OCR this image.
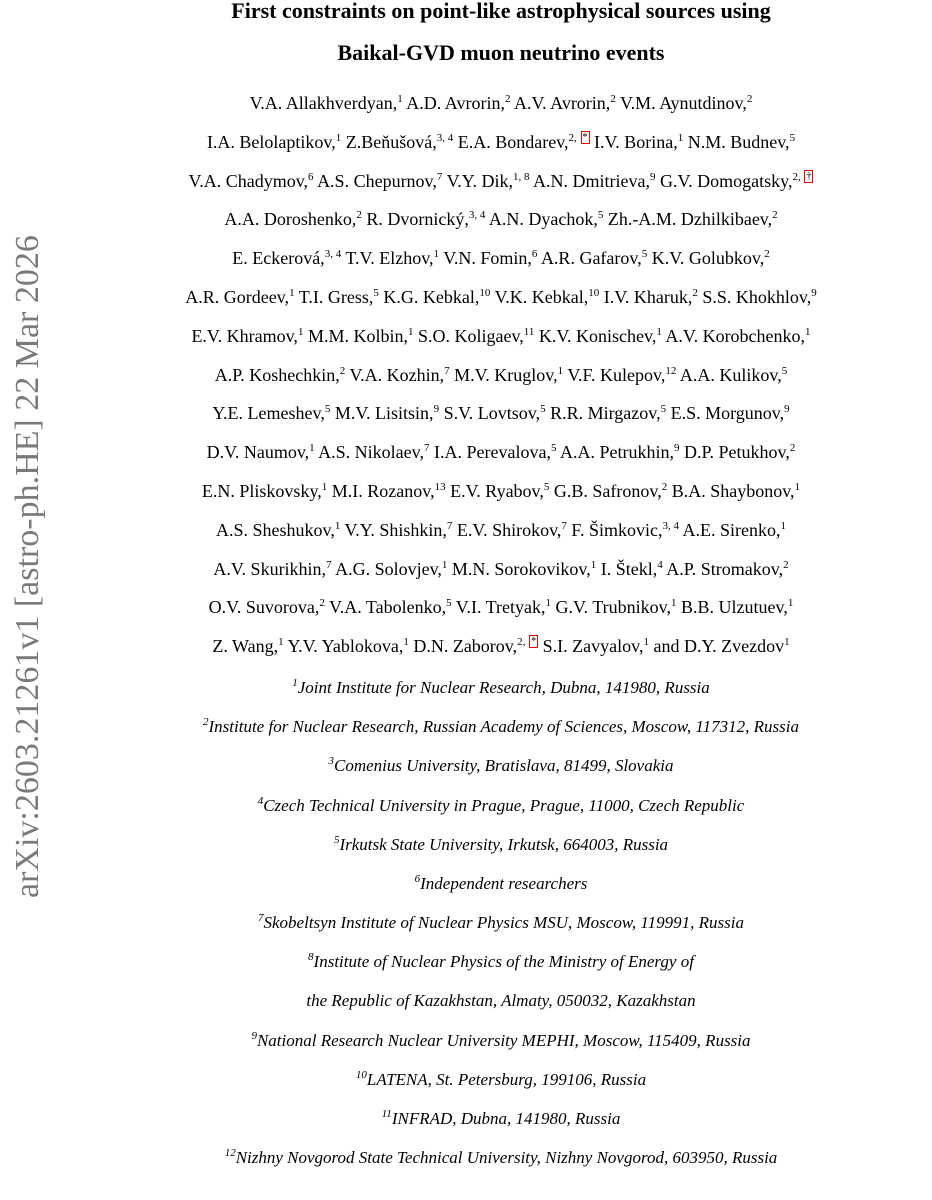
arXiv:2603.21261v1 [astro-ph.HE] 22 Mar 2026
First constraints on point-like astrophysical sources using
Baikal-GVD muon neutrino events
V.A. Allakhverdyan,$^1$ A.D. Avrorin,$^2$ A.V. Avrorin,$^2$ V.M. Aynutdinov,$^2$
I.A. Belolaptikov,$^1$ Z.Beňušová,$^{3, 4}$ E.A. Bondarev,$^{2,}$ * I.V. Borina,$^1$ N.M. Budnev,$^5$
V.A. Chadymov,$^6$ A.S. Chepurnov,$^7$ V.Y. Dik,$^{1, 8}$ A.N. Dmitrieva,$^9$ G.V. Domogatsky,$^{2,}$ †
A.A. Doroshenko,$^2$ R. Dvornický,$^{3, 4}$ A.N. Dyachok,$^5$ Zh.-A.M. Dzhilkibaev,$^2$
E. Eckerová,$^{3, 4}$ T.V. Elzhov,$^1$ V.N. Fomin,$^6$ A.R. Gafarov,$^5$ K.V. Golubkov,$^2$
A.R. Gordeev,$^1$ T.I. Gress,$^5$ K.G. Kebkal,$^{10}$ V.K. Kebkal,$^{10}$ I.V. Kharuk,$^2$ S.S. Khokhlov,$^9$
E.V. Khramov,$^1$ M.M. Kolbin,$^1$ S.O. Koligaev,$^{11}$ K.V. Konischev,$^1$ A.V. Korobchenko,$^1$
A.P. Koshechkin,$^2$ V.A. Kozhin,$^7$ M.V. Kruglov,$^1$ V.F. Kulepov,$^{12}$ A.A. Kulikov,$^5$
Y.E. Lemeshev,$^5$ M.V. Lisitsin,$^9$ S.V. Lovtsov,$^5$ R.R. Mirgazov,$^5$ E.S. Morgunov,$^9$
D.V. Naumov,$^1$ A.S. Nikolaev,$^7$ I.A. Perevalova,$^5$ A.A. Petrukhin,$^9$ D.P. Petukhov,$^2$
E.N. Pliskovsky,$^1$ M.I. Rozanov,$^{13}$ E.V. Ryabov,$^5$ G.B. Safronov,$^2$ B.A. Shaybonov,$^1$
A.S. Sheshukov,$^1$ V.Y. Shishkin,$^7$ E.V. Shirokov,$^7$ F. Šimkovic,$^{3, 4}$ A.E. Sirenko,$^1$
A.V. Skurikhin,$^7$ A.G. Solovjev,$^1$ M.N. Sorokovikov,$^1$ I. Štekl,$^4$ A.P. Stromakov,$^2$
O.V. Suvorova,$^2$ V.A. Tabolenko,$^5$ V.I. Tretyak,$^1$ G.V. Trubnikov,$^1$ B.B. Ulzutuev,$^1$
Z. Wang,$^1$ Y.V. Yablokova,$^1$ D.N. Zaborov,$^{2,}$ * S.I. Zavyalov,$^1$ and D.Y. Zvezdov$^1$
$^1$Joint Institute for Nuclear Research, Dubna, 141980, Russia
$^2$Institute for Nuclear Research, Russian Academy of Sciences, Moscow, 117312, Russia
$^3$Comenius University, Bratislava, 81499, Slovakia
$^4$Czech Technical University in Prague, Prague, 11000, Czech Republic
$^5$Irkutsk State University, Irkutsk, 664003, Russia
$^6$Independent researchers
$^7$Skobeltsyn Institute of Nuclear Physics MSU, Moscow, 119991, Russia
$^8$Institute of Nuclear Physics of the Ministry of Energy of
the Republic of Kazakhstan, Almaty, 050032, Kazakhstan
$^9$National Research Nuclear University MEPHI, Moscow, 115409, Russia
$^{10}$LATENA, St. Petersburg, 199106, Russia
$^{11}$INFRAD, Dubna, 141980, Russia
$^{12}$Nizhny Novgorod State Technical University, Nizhny Novgorod, 603950, Russia
